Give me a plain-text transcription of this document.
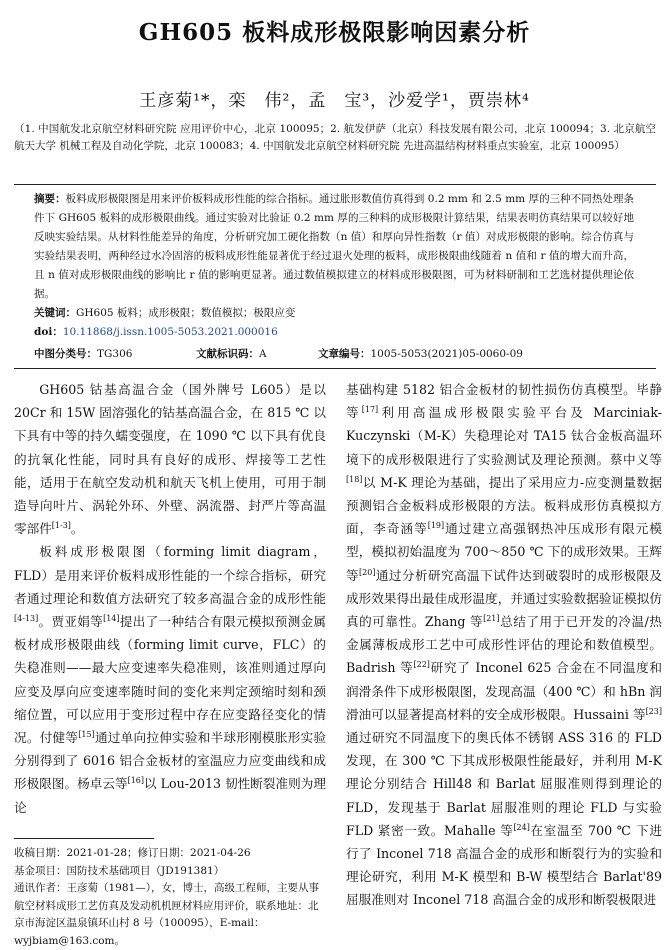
GH605 板料成形极限影响因素分析
王彦菊¹*，栾　伟²，孟　宝³，沙爱学¹，贾崇林⁴
（1. 中国航发北京航空材料研究院 应用评价中心，北京 100095；2. 航发伊萨（北京）科技发展有限公司，北京 100094；3. 北京航空航天大学 机械工程及自动化学院，北京 100083；4. 中国航发北京航空材料研究院 先进高温结构材料重点实验室，北京 100095）
摘要：板料成形极限图是用来评价板料成形性能的综合指标。通过胀形数值仿真得到 0.2 mm 和 2.5 mm 厚的三种不同热处理条件下 GH605 板料的成形极限曲线。通过实验对比验证 0.2 mm 厚的三种料的成形极限计算结果，结果表明仿真结果可以较好地反映实验结果。从材料性能差异的角度，分析研究加工硬化指数（n 值）和厚向异性指数（r 值）对成形极限的影响。综合仿真与实验结果表明，两种经过水冷固溶的板料成形性能显著优于经过退火处理的板料，成形极限曲线随着 n 值和 r 值的增大而升高，且 n 值对成形极限曲线的影响比 r 值的影响更显著。通过数值模拟建立的材料成形极限图，可为材料研制和工艺选材提供理论依据。
关键词：GH605 板料；成形极限；数值模拟；极限应变
doi：10.11868/j.issn.1005-5053.2021.000016
中图分类号：TG306	文献标识码：A	文章编号：1005-5053(2021)05-0060-09

GH605 钴基高温合金（国外牌号 L605）是以 20Cr 和 15W 固溶强化的钴基高温合金，在 815 ℃ 以下具有中等的持久蠕变强度，在 1090 ℃ 以下具有优良的抗氧化性能，同时具有良好的成形、焊接等工艺性能，适用于在航空发动机和航天飞机上使用，可用于制造导向叶片、涡轮外环、外壁、涡流器、封严片等高温零部件[1-3]。

板料成形极限图（forming limit diagram，FLD）是用来评价板料成形性能的一个综合指标，研究者通过理论和数值方法研究了较多高温合金的成形性能[4-13]。贾亚娟等[14]提出了一种结合有限元模拟预测金属板材成形极限曲线（forming limit curve，FLC）的失稳准则——最大应变速率失稳准则，该准则通过厚向应变及厚向应变速率随时间的变化来判定颈缩时刻和颈缩位置，可以应用于变形过程中存在应变路径变化的情况。付健等[15]通过单向拉伸实验和半球形刚模胀形实验分别得到了 6016 铝合金板材的室温应力应变曲线和成形极限图。杨卓云等[16]以 Lou-2013 韧性断裂准则为理论

基础构建 5182 铝合金板材的韧性损伤仿真模型。毕静等[17]利用高温成形极限实验平台及 Marciniak-Kuczynski（M-K）失稳理论对 TA15 钛合金板高温环境下的成形极限进行了实验测试及理论预测。蔡中义等[18]以 M-K 理论为基础，提出了采用应力-应变测量数据预测铝合金板料成形极限的方法。板料成形仿真模拟方面，李奇涵等[19]通过建立高强钢热冲压成形有限元模型，模拟初始温度为 700～850 ℃ 下的成形效果。王辉等[20]通过分析研究高温下试件达到破裂时的成形极限及成形效果得出最佳成形温度，并通过实验数据验证模拟仿真的可靠性。Zhang 等[21]总结了用于已开发的冷温/热金属薄板成形工艺中可成形性评估的理论和数值模型。Badrish 等[22]研究了 Inconel 625 合金在不同温度和润滑条件下成形极限图，发现高温（400 ℃）和 hBn 润滑油可以显著提高材料的安全成形极限。Hussaini 等[23]通过研究不同温度下的奥氏体不锈钢 ASS 316 的 FLD 发现，在 300 ℃ 下其成形极限性能最好，并利用 M-K 理论分别结合 Hill48 和 Barlat 屈服准则得到理论的 FLD，发现基于 Barlat 屈服准则的理论 FLD 与实验 FLD 紧密一致。Mahalle 等[24]在室温至 700 ℃ 下进行了 Inconel 718 高温合金的成形和断裂行为的实验和理论研究，利用 M-K 模型和 B-W 模型结合 Barlat'89 屈服准则对 Inconel 718 高温合金的成形和断裂极限进

收稿日期：2021-01-28；修订日期：2021-04-26
基金项目：国防技术基础项目（JD191381）
通讯作者：王彦菊（1981—），女，博士，高级工程师，主要从事航空材料成形工艺仿真及发动机机匣材料应用评价，联系地址：北京市海淀区温泉镇环山村 8 号（100095），E-mail：wyjbiam@163.com。
